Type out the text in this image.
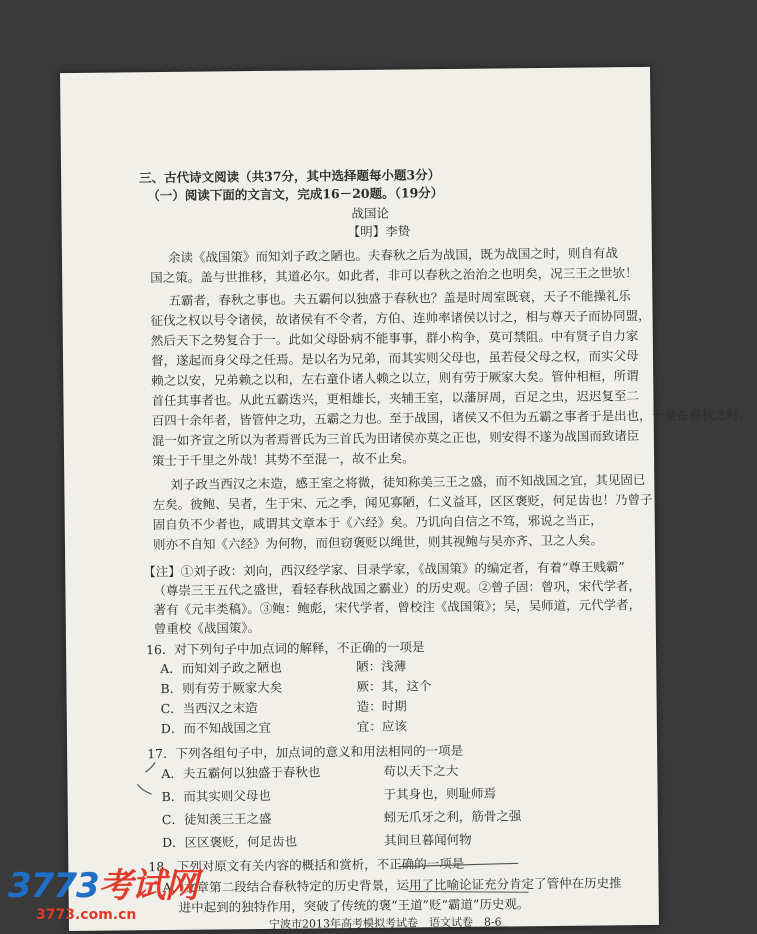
三、古代诗文阅读（共37分，其中选择题每小题3分）
（一）阅读下面的文言文，完成16－20题。（19分）
战国论
【明】李贽
余读《战国策》而知刘子政之陋也。夫春秋之后为战国，既为战国之时，则自有战
国之策。盖与世推移，其道必尔。如此者，非可以春秋之治治之也明矣，况三王之世欤！
五霸者，春秋之事也。夫五霸何以独盛于春秋也？盖是时周室既衰，天子不能操礼乐
征伐之权以号令诸侯，故诸侯有不令者，方伯、连帅率诸侯以讨之，相与尊天子而协同盟，
然后天下之势复合于一。此如父母卧病不能事事，群小构争，莫可禁阻。中有贤子自力家
督，遂起而身父母之任焉。是以名为兄弟，而其实则父母也，虽若侵父母之权，而实父母
赖之以安，兄弟赖之以和，左右童仆诸人赖之以立，则有劳于厥家大矣。管仲相桓，所谓
首任其事者也。从此五霸迭兴，更相雄长，夹辅王室，以藩屏周，百足之虫，迟迟复至二
百四十余年者，皆管仲之功，五霸之力也。至于战国，诸侯又不但为五霸之事者于是出也，于是在春秋之时，
混一如齐宣之所以为者焉晋氏为三首氏为田诸侯亦莫之正也，则安得不遂为战国而致诸臣
策士于千里之外哉！其势不至混一，故不止矣。
刘子政当西汉之末造，感王室之将微，徒知称美三王之盛，而不知战国之宜，其见固已
左矣。彼鲍、吴者，生于宋、元之季，闻见寡陋，仁义益耳，区区褒贬，何足齿也！乃曾子
固自负不少者也，咸谓其文章本于《六经》矣。乃讥向自信之不笃，邪说之当正，
则亦不自知《六经》为何物，而但窃褒贬以绳世，则其视鲍与吴亦齐、卫之人矣。
【注】①刘子政：刘向，西汉经学家、目录学家，《战国策》的编定者，有着“尊王贱霸”
（尊崇三王五代之盛世，看轻春秋战国之霸业）的历史观。②曾子固：曾巩，宋代学者，
著有《元丰类稿》。③鲍：鲍彪，宋代学者，曾校注《战国策》；吴，吴师道，元代学者，
曾重校《战国策》。
16．对下列句子中加点词的解释，不正确的一项是
A．而知刘子政之陋也	陋：浅薄
B．则有劳于厥家大矣	厥：其，这个
C．当西汉之末造	造：时期
D．而不知战国之宜	宜：应该
17．下列各组句子中，加点词的意义和用法相同的一项是
A．夫五霸何以独盛于春秋也	苟以天下之大
B．而其实则父母也	于其身也，则耻师焉
C．徒知羡三王之盛	蚓无爪牙之利，筋骨之强
D．区区褒贬，何足齿也	其间旦暮闻何物
18．下列对原文有关内容的概括和赏析，不正确的一项是
A．文章第二段结合春秋特定的历史背景，运用了比喻论证充分肯定了管仲在历史推
进中起到的独特作用，突破了传统的褒“王道”贬“霸道”历史观。
宁波市2013年高考模拟考试卷　语文试卷　8-6
3773考试网
3773.com.cn
